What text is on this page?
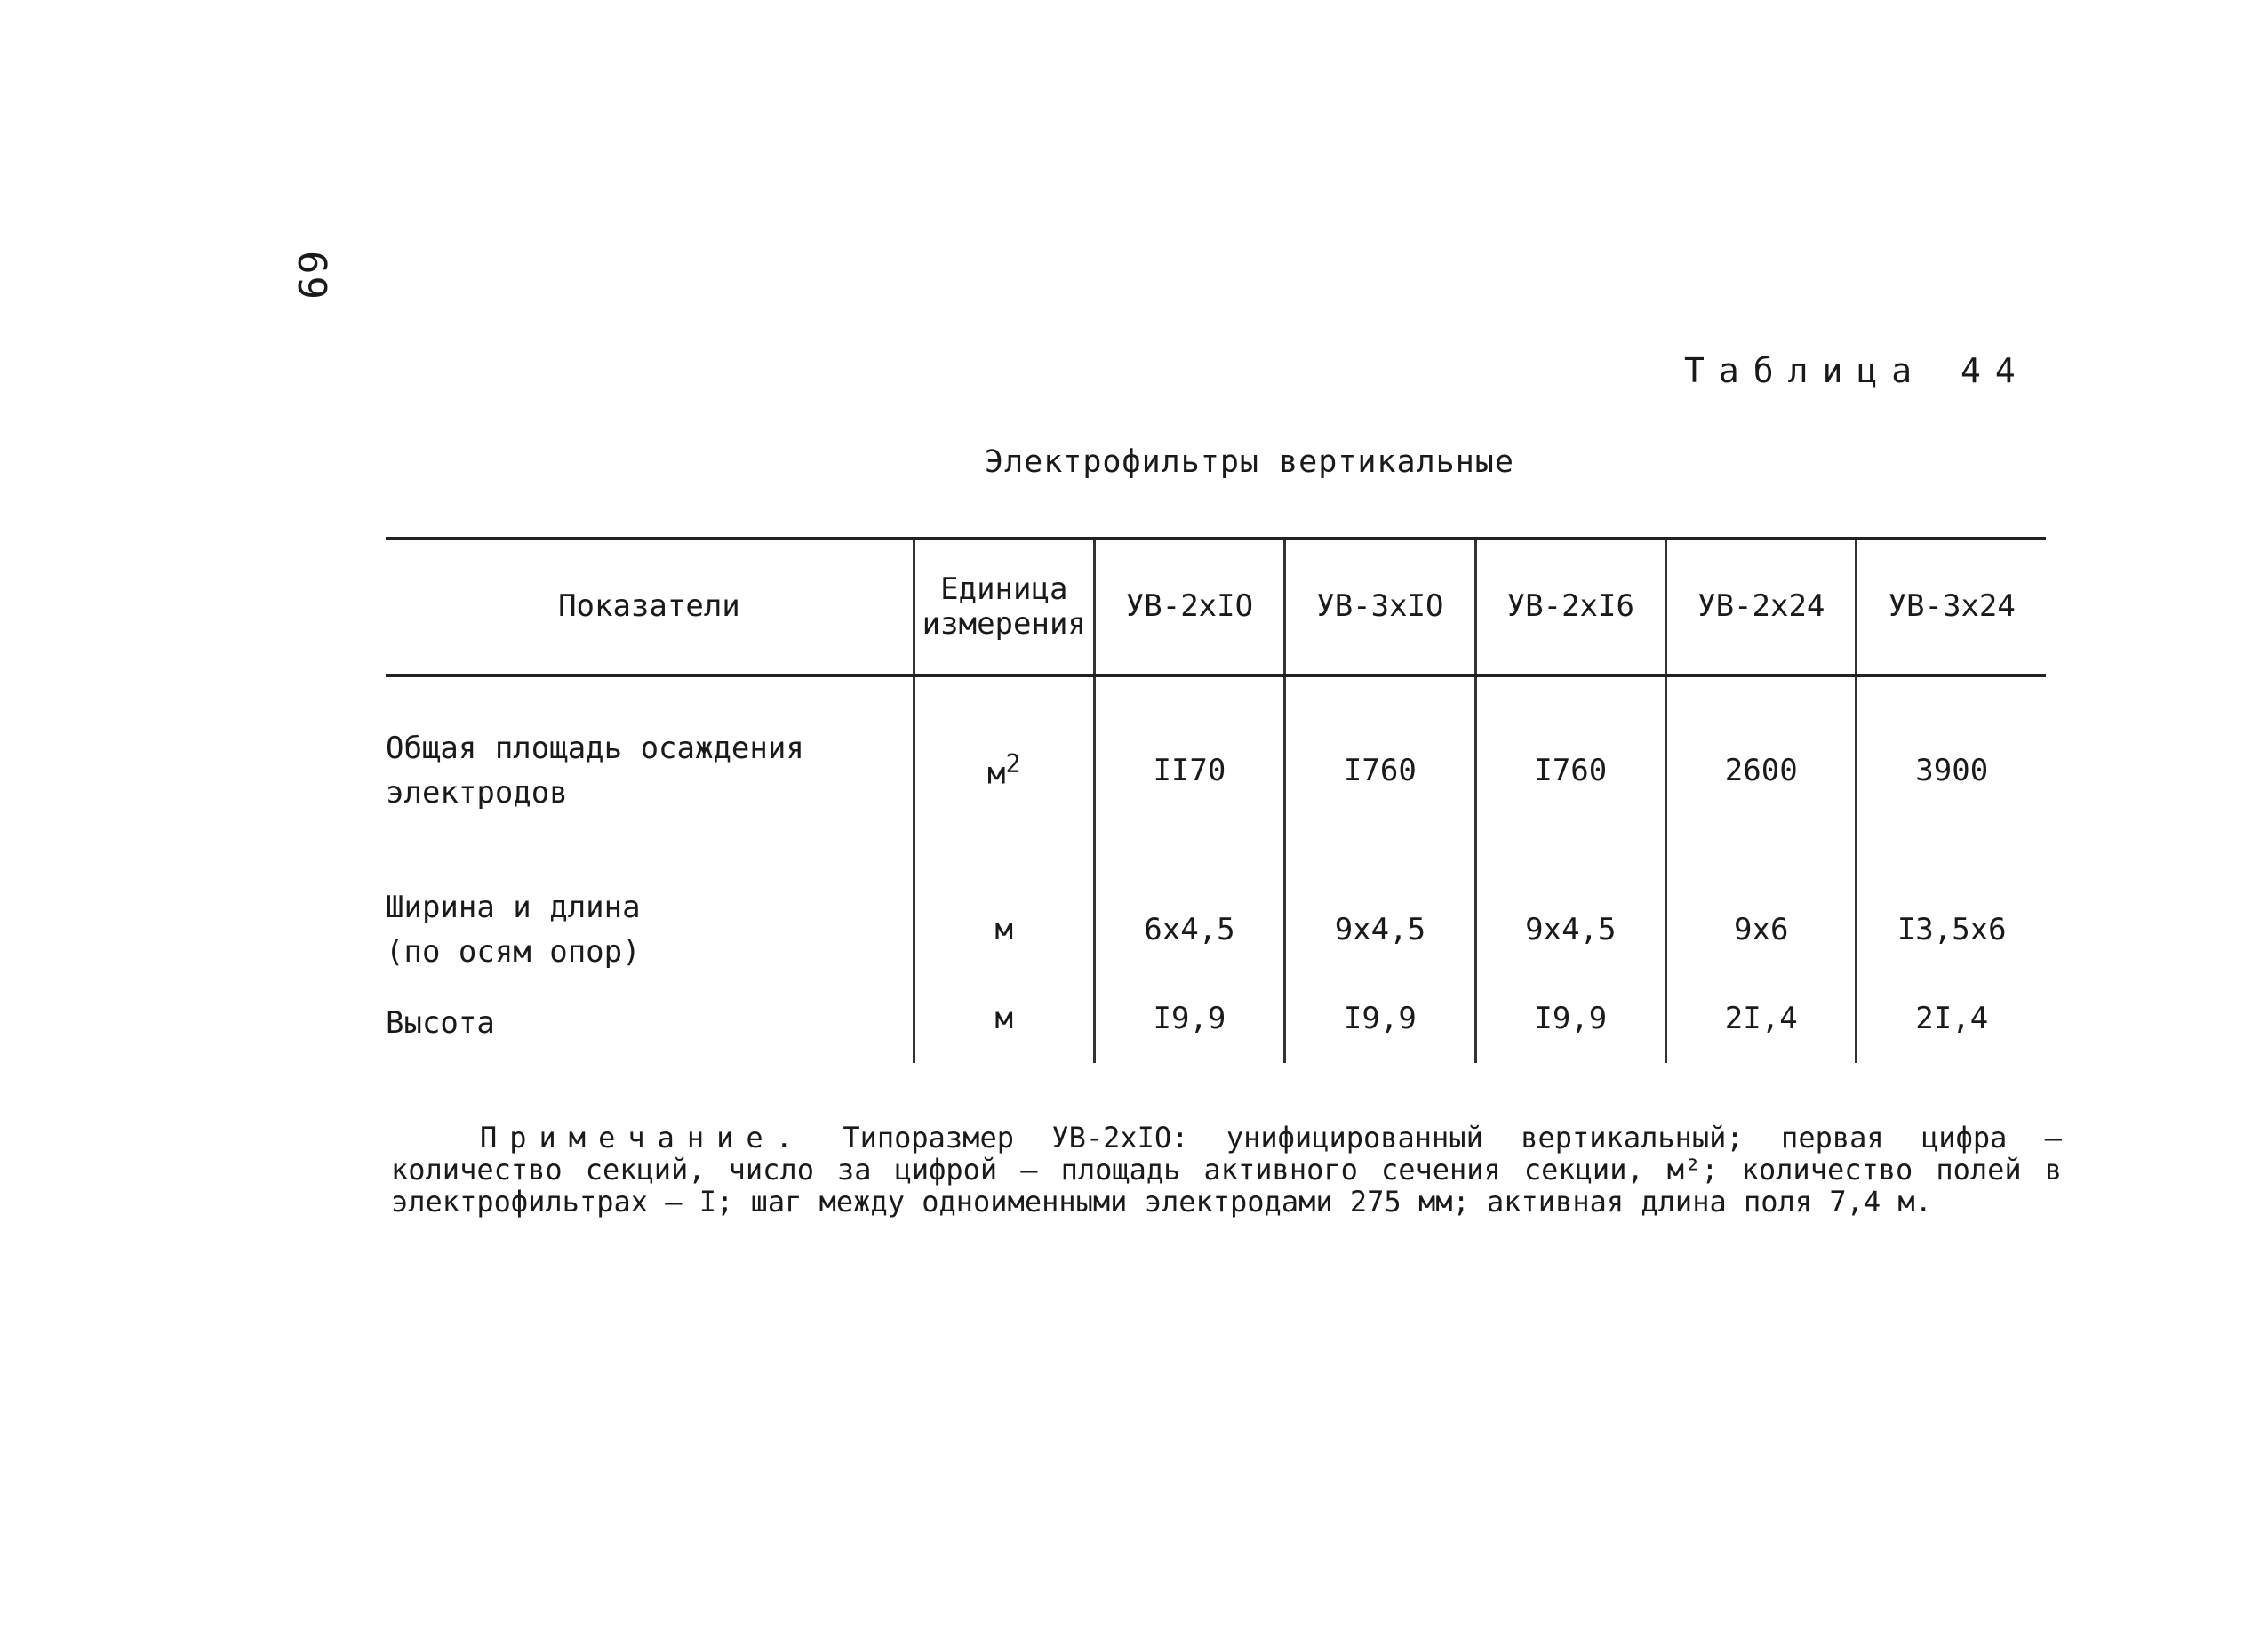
69
Таблица 44
Электрофильтры вертикальные
Показатели	Единица измерения	УВ-2хIO	УВ-3хIO	УВ-2хI6	УВ-2х24	УВ-3х24

Общая площадь осаждения
электродов	$м^2$	II70	I760	I760	2600	3900

Ширина и длина
(по осям опор)	м	6х4,5	9х4,5	9х4,5	9х6	I3,5х6

Высота	м	I9,9	I9,9	I9,9	2I,4	2I,4
Примечание. Типоразмер УВ-2хIO: унифицированный вертикальный; первая цифра – количество секций, число за цифрой – площадь активного сечения секции, м²; количество полей в электрофильтрах – I; шаг между одноименными электродами 275 мм; активная длина поля 7,4 м.
